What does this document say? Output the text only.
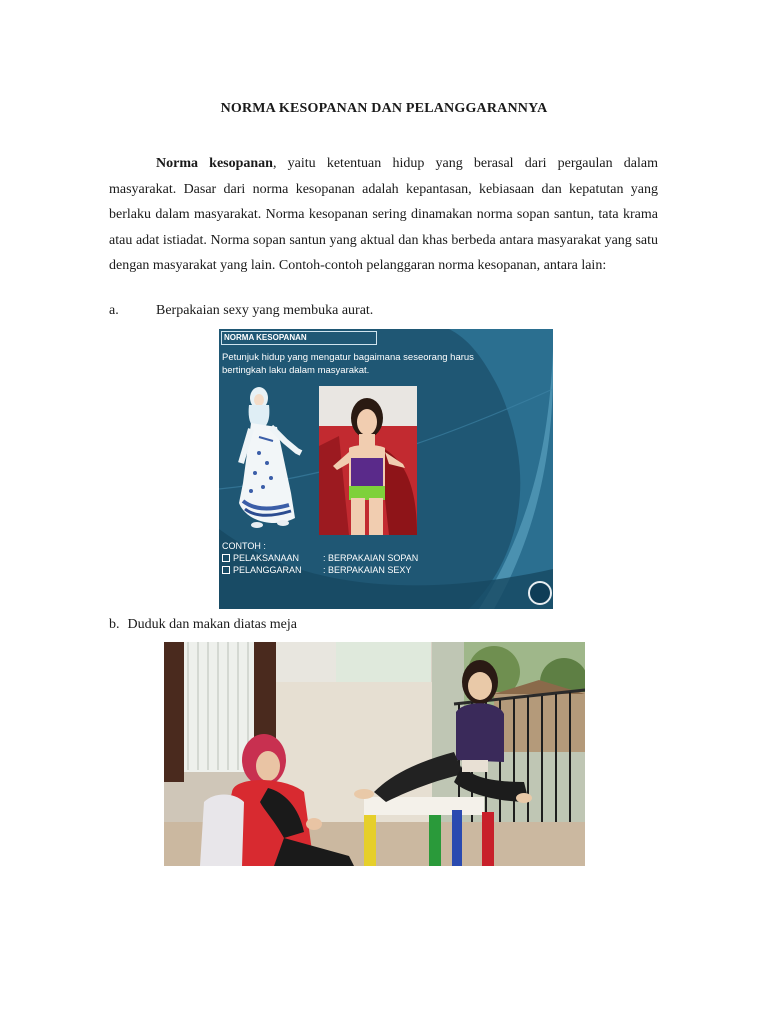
NORMA KESOPANAN DAN PELANGGARANNYA

Norma kesopanan, yaitu ketentuan hidup yang berasal dari pergaulan dalam masyarakat. Dasar dari norma kesopanan adalah kepantasan, kebiasaan dan kepatutan yang berlaku dalam masyarakat. Norma kesopanan sering dinamakan norma sopan santun, tata krama atau adat istiadat. Norma sopan santun yang aktual dan khas berbeda antara masyarakat yang satu dengan masyarakat yang lain. Contoh-contoh pelanggaran norma kesopanan, antara lain:

a.	Berpakaian sexy yang membuka aurat.
NORMA KESOPANAN
Petunjuk hidup yang mengatur bagaimana seseorang harus bertingkah laku dalam masyarakat.
CONTOH :
PELAKSANAAN	: BERPAKAIAN SOPAN
PELANGGARAN : BERPAKAIAN SEXY
b. Duduk dan makan diatas meja
